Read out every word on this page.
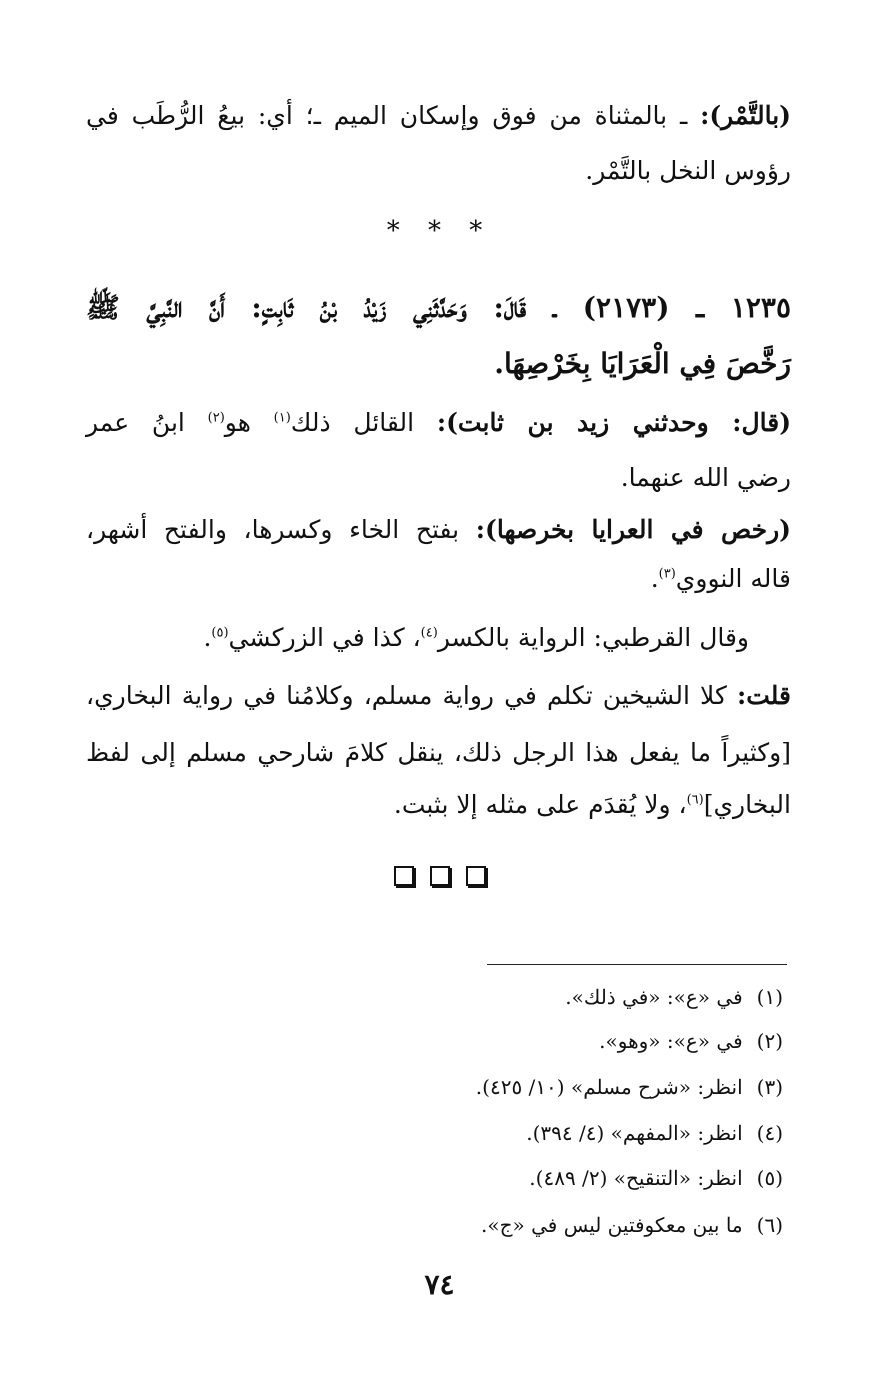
(بالتَّمْر): ـ بالمثناة من فوق وإسكان الميم ـ؛ أي: بيعُ الرُّطَب في
رؤوس النخل بالتَّمْر.
* * *
١٢٣٥ ـ (٢١٧٣) ـ قَالَ: وَحَدَّثَنِي زَيْدُ بْنُ ثَابِتٍ: أَنَّ النَّبِيَّ ﷺ
رَخَّصَ فِي الْعَرَايَا بِخَرْصِهَا.
(قال: وحدثني زيد بن ثابت): القائل ذلك$^{(١)}$ هو$^{(٢)}$ ابنُ عمر
رضي الله عنهما.
(رخص في العرايا بخرصها): بفتح الخاء وكسرها، والفتح أشهر،
قاله النووي$^{(٣)}$.
وقال القرطبي: الرواية بالكسر$^{(٤)}$، كذا في الزركشي$^{(٥)}$.
قلت: كلا الشيخين تكلم في رواية مسلم، وكلامُنا في رواية البخاري،
[وكثيراً ما يفعل هذا الرجل ذلك، ينقل كلامَ شارحي مسلم إلى لفظ
البخاري]$^{(٦)}$، ولا يُقدَم على مثله إلا بثبت.
(١) في «ع»: «في ذلك».
(٢) في «ع»: «وهو».
(٣) انظر: «شرح مسلم» (١٠/ ٤٢٥).
(٤) انظر: «المفهم» (٤/ ٣٩٤).
(٥) انظر: «التنقيح» (٢/ ٤٨٩).
(٦) ما بين معكوفتين ليس في «ج».
٧٤
